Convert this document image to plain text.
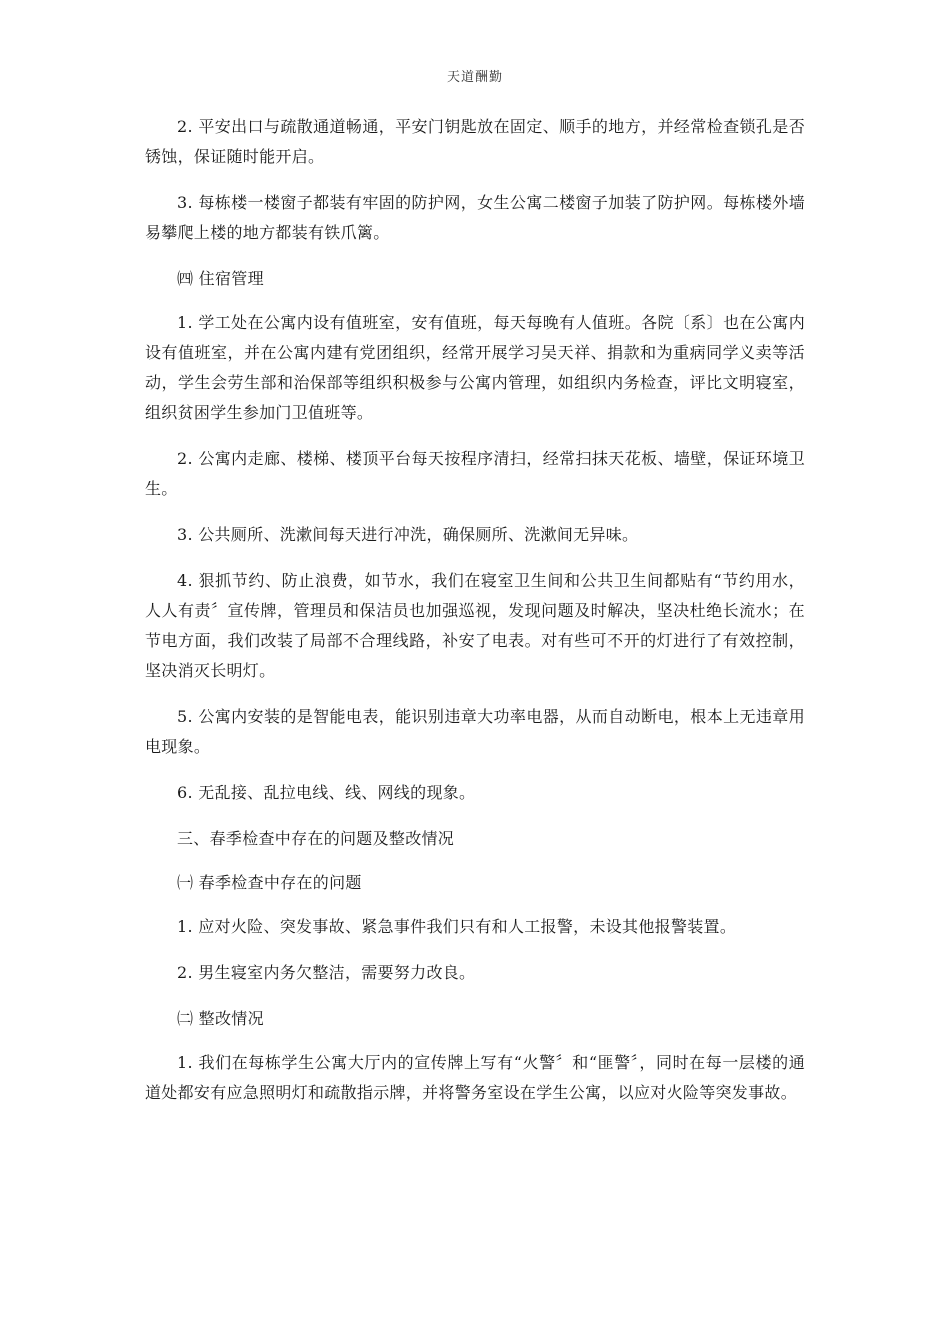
天道酬勤

2. 平安出口与疏散通道畅通，平安门钥匙放在固定、顺手的地方，并经常检查锁孔是否锈蚀，保证随时能开启。

3. 每栋楼一楼窗子都装有牢固的防护网，女生公寓二楼窗子加装了防护网。每栋楼外墙易攀爬上楼的地方都装有铁爪篱。

㈣ 住宿管理

1. 学工处在公寓内设有值班室，安有值班，每天每晚有人值班。各院〔系〕也在公寓内设有值班室，并在公寓内建有党团组织，经常开展学习吴天祥、捐款和为重病同学义卖等活动，学生会劳生部和治保部等组织积极参与公寓内管理，如组织内务检查，评比文明寝室，组织贫困学生参加门卫值班等。

2. 公寓内走廊、楼梯、楼顶平台每天按程序清扫，经常扫抹天花板、墙壁，保证环境卫生。

3. 公共厕所、洗漱间每天进行冲洗，确保厕所、洗漱间无异味。

4. 狠抓节约、防止浪费，如节水，我们在寝室卫生间和公共卫生间都贴有“节约用水，人人有责〞宣传牌，管理员和保洁员也加强巡视，发现问题及时解决，坚决杜绝长流水；在节电方面，我们改装了局部不合理线路，补安了电表。对有些可不开的灯进行了有效控制，坚决消灭长明灯。

5. 公寓内安装的是智能电表，能识别违章大功率电器，从而自动断电，根本上无违章用电现象。

6. 无乱接、乱拉电线、线、网线的现象。

三、春季检查中存在的问题及整改情况

㈠ 春季检查中存在的问题

1. 应对火险、突发事故、紧急事件我们只有和人工报警，未设其他报警装置。

2. 男生寝室内务欠整洁，需要努力改良。

㈡ 整改情况

1. 我们在每栋学生公寓大厅内的宣传牌上写有“火警〞和“匪警〞，同时在每一层楼的通道处都安有应急照明灯和疏散指示牌，并将警务室设在学生公寓，以应对火险等突发事故。
